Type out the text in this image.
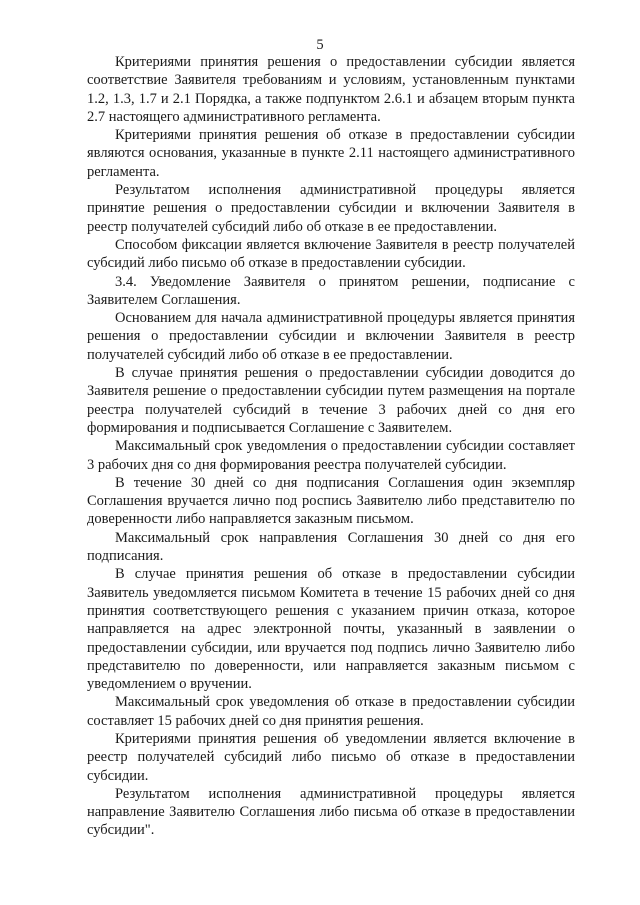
5

Критериями принятия решения о предоставлении субсидии является соответствие Заявителя требованиям и условиям, установленным пунктами 1.2, 1.3, 1.7 и 2.1 Порядка, а также подпунктом 2.6.1 и абзацем вторым пункта 2.7 настоящего административного регламента.

Критериями принятия решения об отказе в предоставлении субсидии являются основания, указанные в пункте 2.11 настоящего административного регламента.

Результатом исполнения административной процедуры является принятие решения о предоставлении субсидии и включении Заявителя в реестр получателей субсидий либо об отказе в ее предоставлении.

Способом фиксации является включение Заявителя в реестр получателей субсидий либо письмо об отказе в предоставлении субсидии.

3.4. Уведомление Заявителя о принятом решении, подписание с Заявителем Соглашения.

Основанием для начала административной процедуры является принятия решения о предоставлении субсидии и включении Заявителя в реестр получателей субсидий либо об отказе в ее предоставлении.

В случае принятия решения о предоставлении субсидии доводится до Заявителя решение о предоставлении субсидии путем размещения на портале реестра получателей субсидий в течение 3 рабочих дней со дня его формирования и подписывается Соглашение с Заявителем.

Максимальный срок уведомления о предоставлении субсидии составляет 3 рабочих дня со дня формирования реестра получателей субсидии.

В течение 30 дней со дня подписания Соглашения один экземпляр Соглашения вручается лично под роспись Заявителю либо представителю по доверенности либо направляется заказным письмом.

Максимальный срок направления Соглашения 30 дней со дня его подписания.

В случае принятия решения об отказе в предоставлении субсидии Заявитель уведомляется письмом Комитета в течение 15 рабочих дней со дня принятия соответствующего решения с указанием причин отказа, которое направляется на адрес электронной почты, указанный в заявлении о предоставлении субсидии, или вручается под подпись лично Заявителю либо представителю по доверенности, или направляется заказным письмом с уведомлением о вручении.

Максимальный срок уведомления об отказе в предоставлении субсидии составляет 15 рабочих дней со дня принятия решения.

Критериями принятия решения об уведомлении является включение в реестр получателей субсидий либо письмо об отказе в предоставлении субсидии.

Результатом исполнения административной процедуры является направление Заявителю Соглашения либо письма об отказе в предоставлении субсидии".
